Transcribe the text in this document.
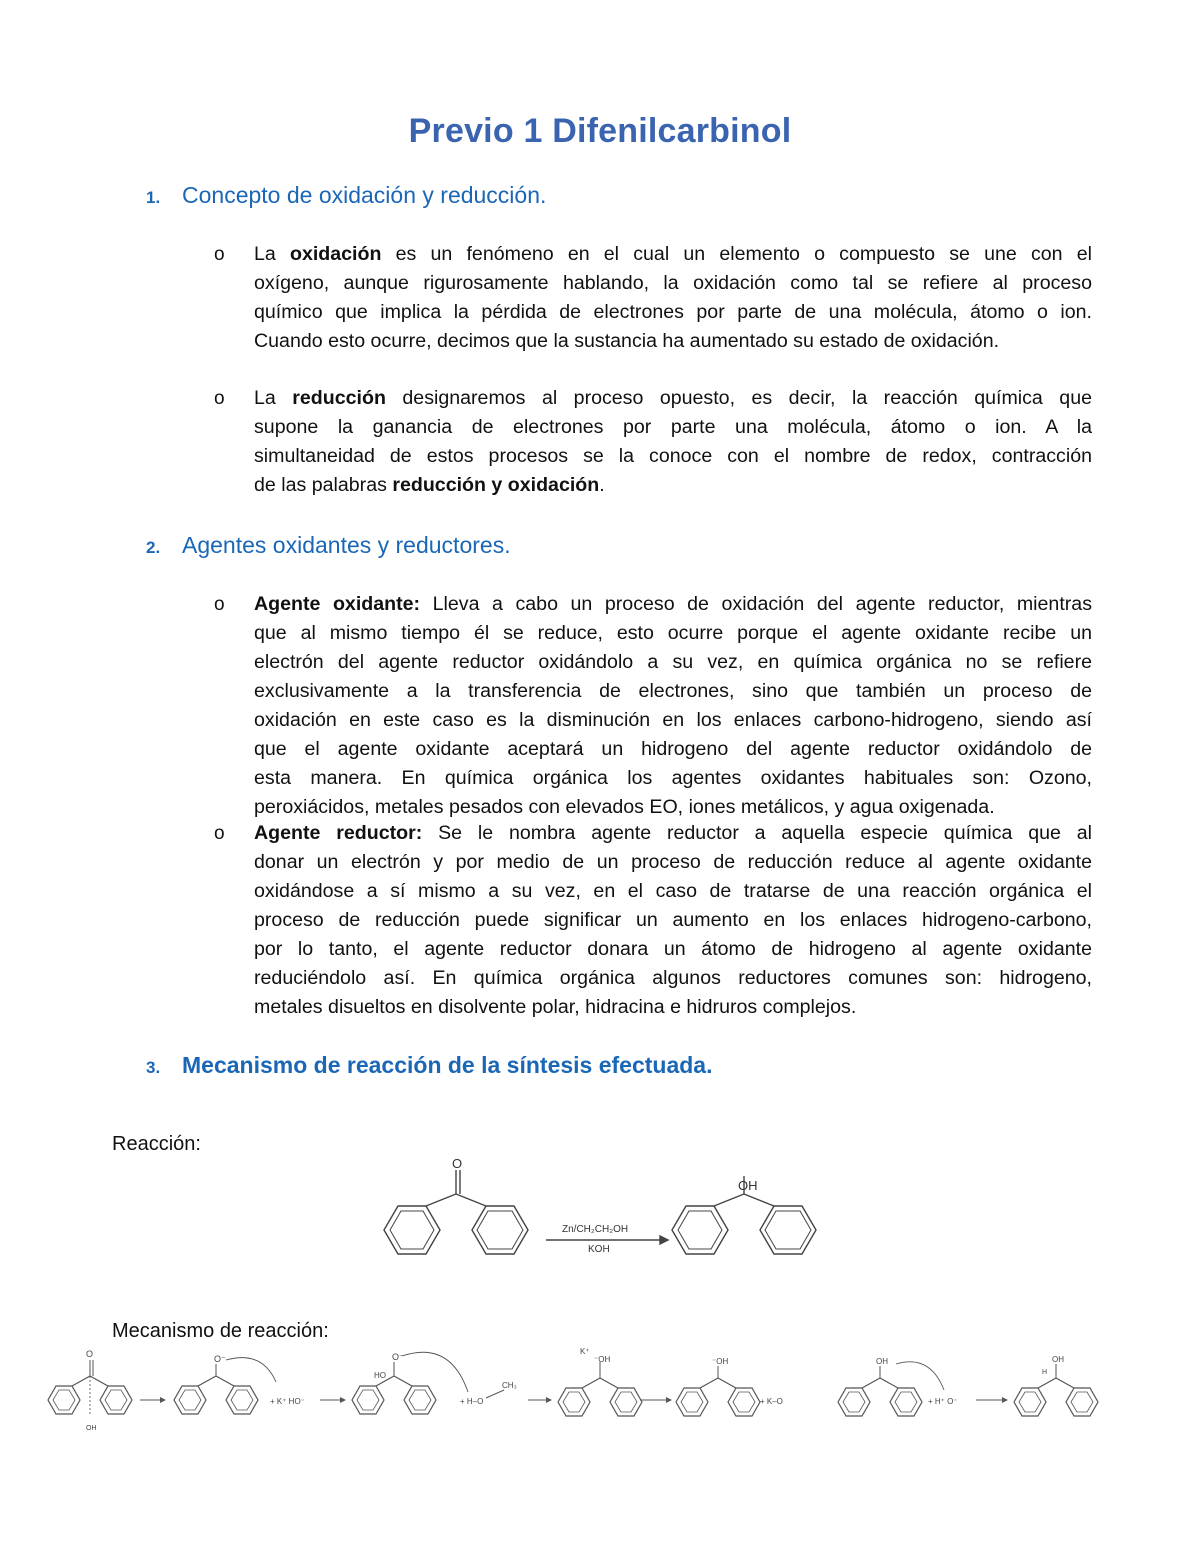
Previo 1 Difenilcarbinol
1. Concepto de oxidación y reducción.
o La oxidación es un fenómeno en el cual un elemento o compuesto se une con el
oxígeno, aunque rigurosamente hablando, la oxidación como tal se refiere al proceso
químico que implica la pérdida de electrones por parte de una molécula, átomo o ion.
Cuando esto ocurre, decimos que la sustancia ha aumentado su estado de oxidación.
o La reducción designaremos al proceso opuesto, es decir, la reacción química que
supone la ganancia de electrones por parte una molécula, átomo o ion. A la
simultaneidad de estos procesos se la conoce con el nombre de redox, contracción
de las palabras reducción y oxidación.
2. Agentes oxidantes y reductores.
o Agente oxidante: Lleva a cabo un proceso de oxidación del agente reductor, mientras
que al mismo tiempo él se reduce, esto ocurre porque el agente oxidante recibe un
electrón del agente reductor oxidándolo a su vez, en química orgánica no se refiere
exclusivamente a la transferencia de electrones, sino que también un proceso de
oxidación en este caso es la disminución en los enlaces carbono-hidrogeno, siendo así
que el agente oxidante aceptará un hidrogeno del agente reductor oxidándolo de
esta manera. En química orgánica los agentes oxidantes habituales son: Ozono,
peroxiácidos, metales pesados con elevados EO, iones metálicos, y agua oxigenada.
o Agente reductor: Se le nombra agente reductor a aquella especie química que al
donar un electrón y por medio de un proceso de reducción reduce al agente oxidante
oxidándose a sí mismo a su vez, en el caso de tratarse de una reacción orgánica el
proceso de reducción puede significar un aumento en los enlaces hidrogeno-carbono,
por lo tanto, el agente reductor donara un átomo de hidrogeno al agente oxidante
reduciéndolo así. En química orgánica algunos reductores comunes son: hidrogeno,
metales disueltos en disolvente polar, hidracina e hidruros complejos.
3. Mecanismo de reacción de la síntesis efectuada.
Reacción:
O
Zn/CH₂CH₂OH
KOH
OH
Mecanismo de reacción:
O
OH
O⁻
+ K⁺ HO⁻
HO
O⁻
+ H–O
CH₃
K⁺
⁻OH	⁻OH
+ K–O
OH
+ H⁺ O⁻
H
OH
